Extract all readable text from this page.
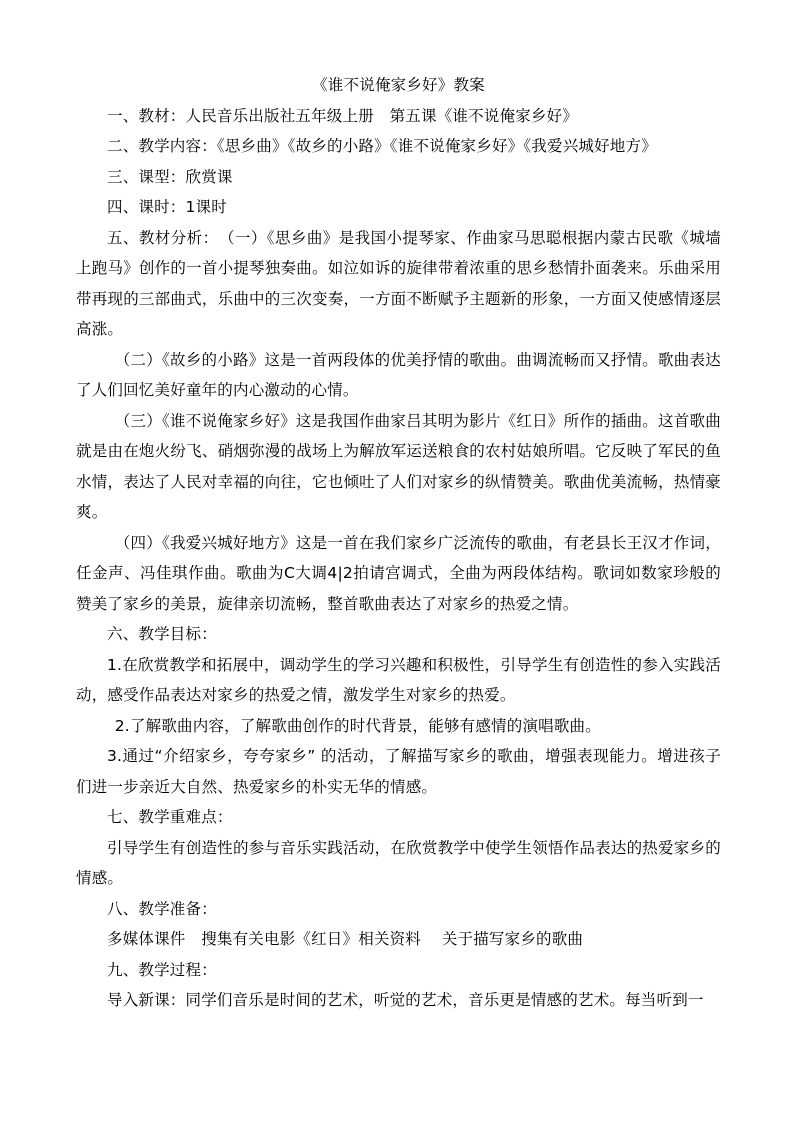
《谁不说俺家乡好》教案

一、教材：人民音乐出版社五年级上册　第五课《谁不说俺家乡好》

二、教学内容：《思乡曲》《故乡的小路》《谁不说俺家乡好》《我爱兴城好地方》

三、课型：欣赏课

四、课时：1课时

五、教材分析：　（一）《思乡曲》是我国小提琴家、作曲家马思聪根据内蒙古民歌《城墙上跑马》创作的一首小提琴独奏曲。如泣如诉的旋律带着浓重的思乡愁情扑面袭来。乐曲采用带再现的三部曲式，乐曲中的三次变奏，一方面不断赋予主题新的形象，一方面又使感情逐层高涨。

（二）《故乡的小路》这是一首两段体的优美抒情的歌曲。曲调流畅而又抒情。歌曲表达了人们回忆美好童年的内心激动的心情。

（三）《谁不说俺家乡好》这是我国作曲家吕其明为影片《红日》所作的插曲。这首歌曲就是由在炮火纷飞、硝烟弥漫的战场上为解放军运送粮食的农村姑娘所唱。它反映了军民的鱼水情，表达了人民对幸福的向往，它也倾吐了人们对家乡的纵情赞美。歌曲优美流畅，热情豪爽。

（四）《我爱兴城好地方》这是一首在我们家乡广泛流传的歌曲，有老县长王汉才作词，任金声、冯佳琪作曲。歌曲为C大调4|2拍请宫调式，全曲为两段体结构。歌词如数家珍般的赞美了家乡的美景，旋律亲切流畅，整首歌曲表达了对家乡的热爱之情。

六、教学目标：

1.在欣赏教学和拓展中，调动学生的学习兴趣和积极性，引导学生有创造性的参入实践活动，感受作品表达对家乡的热爱之情，激发学生对家乡的热爱。

2.了解歌曲内容，了解歌曲创作的时代背景，能够有感情的演唱歌曲。

3.通过“介绍家乡，夸夸家乡” 的活动，了解描写家乡的歌曲，增强表现能力。增进孩子们进一步亲近大自然、热爱家乡的朴实无华的情感。

七、教学重难点：

引导学生有创造性的参与音乐实践活动，在欣赏教学中使学生领悟作品表达的热爱家乡的情感。

八、教学准备：

多媒体课件　搜集有关电影《红日》相关资料　 关于描写家乡的歌曲

九、教学过程：

导入新课：同学们音乐是时间的艺术，听觉的艺术，音乐更是情感的艺术。每当听到一
